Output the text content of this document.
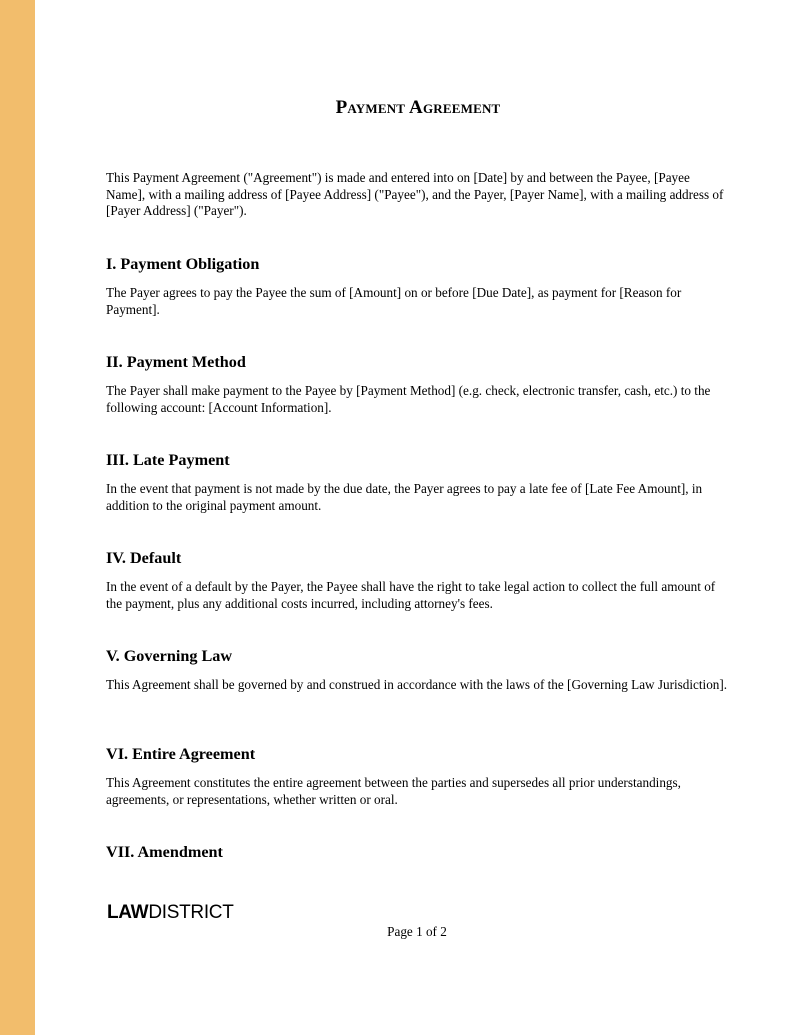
Payment Agreement

This Payment Agreement ("Agreement") is made and entered into on [Date] by and between the Payee, [Payee Name], with a mailing address of [Payee Address] ("Payee"), and the Payer, [Payer Name], with a mailing address of [Payer Address] ("Payer").

I. Payment Obligation

The Payer agrees to pay the Payee the sum of [Amount] on or before [Due Date], as payment for [Reason for Payment].

II. Payment Method

The Payer shall make payment to the Payee by [Payment Method] (e.g. check, electronic transfer, cash, etc.) to the following account: [Account Information].

III. Late Payment

In the event that payment is not made by the due date, the Payer agrees to pay a late fee of [Late Fee Amount], in addition to the original payment amount.

IV. Default

In the event of a default by the Payer, the Payee shall have the right to take legal action to collect the full amount of the payment, plus any additional costs incurred, including attorney's fees.

V. Governing Law

This Agreement shall be governed by and construed in accordance with the laws of the [Governing Law Jurisdiction].

VI. Entire Agreement

This Agreement constitutes the entire agreement between the parties and supersedes all prior understandings, agreements, or representations, whether written or oral.

VII. Amendment
LAWDISTRICT
Page 1 of 2
